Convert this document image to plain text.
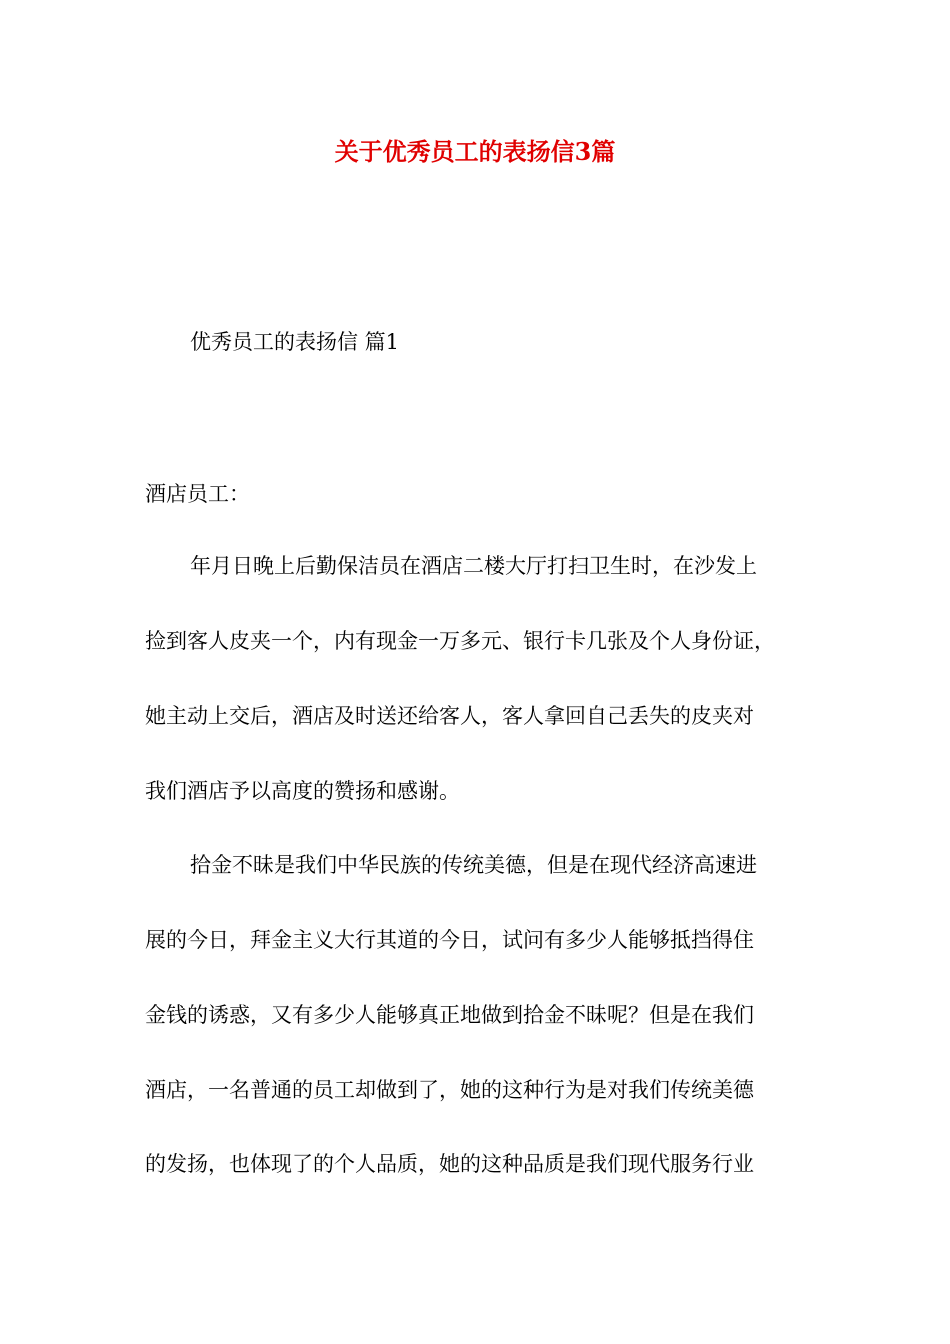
关于优秀员工的表扬信3篇
优秀员工的表扬信 篇1
酒店员工：
年月日晚上后勤保洁员在酒店二楼大厅打扫卫生时，在沙发上
捡到客人皮夹一个，内有现金一万多元、银行卡几张及个人身份证，
她主动上交后，酒店及时送还给客人，客人拿回自己丢失的皮夹对
我们酒店予以高度的赞扬和感谢。
拾金不昧是我们中华民族的传统美德，但是在现代经济高速进
展的今日，拜金主义大行其道的今日，试问有多少人能够抵挡得住
金钱的诱惑，又有多少人能够真正地做到拾金不昧呢？但是在我们
酒店，一名普通的员工却做到了，她的这种行为是对我们传统美德
的发扬，也体现了的个人品质，她的这种品质是我们现代服务行业
